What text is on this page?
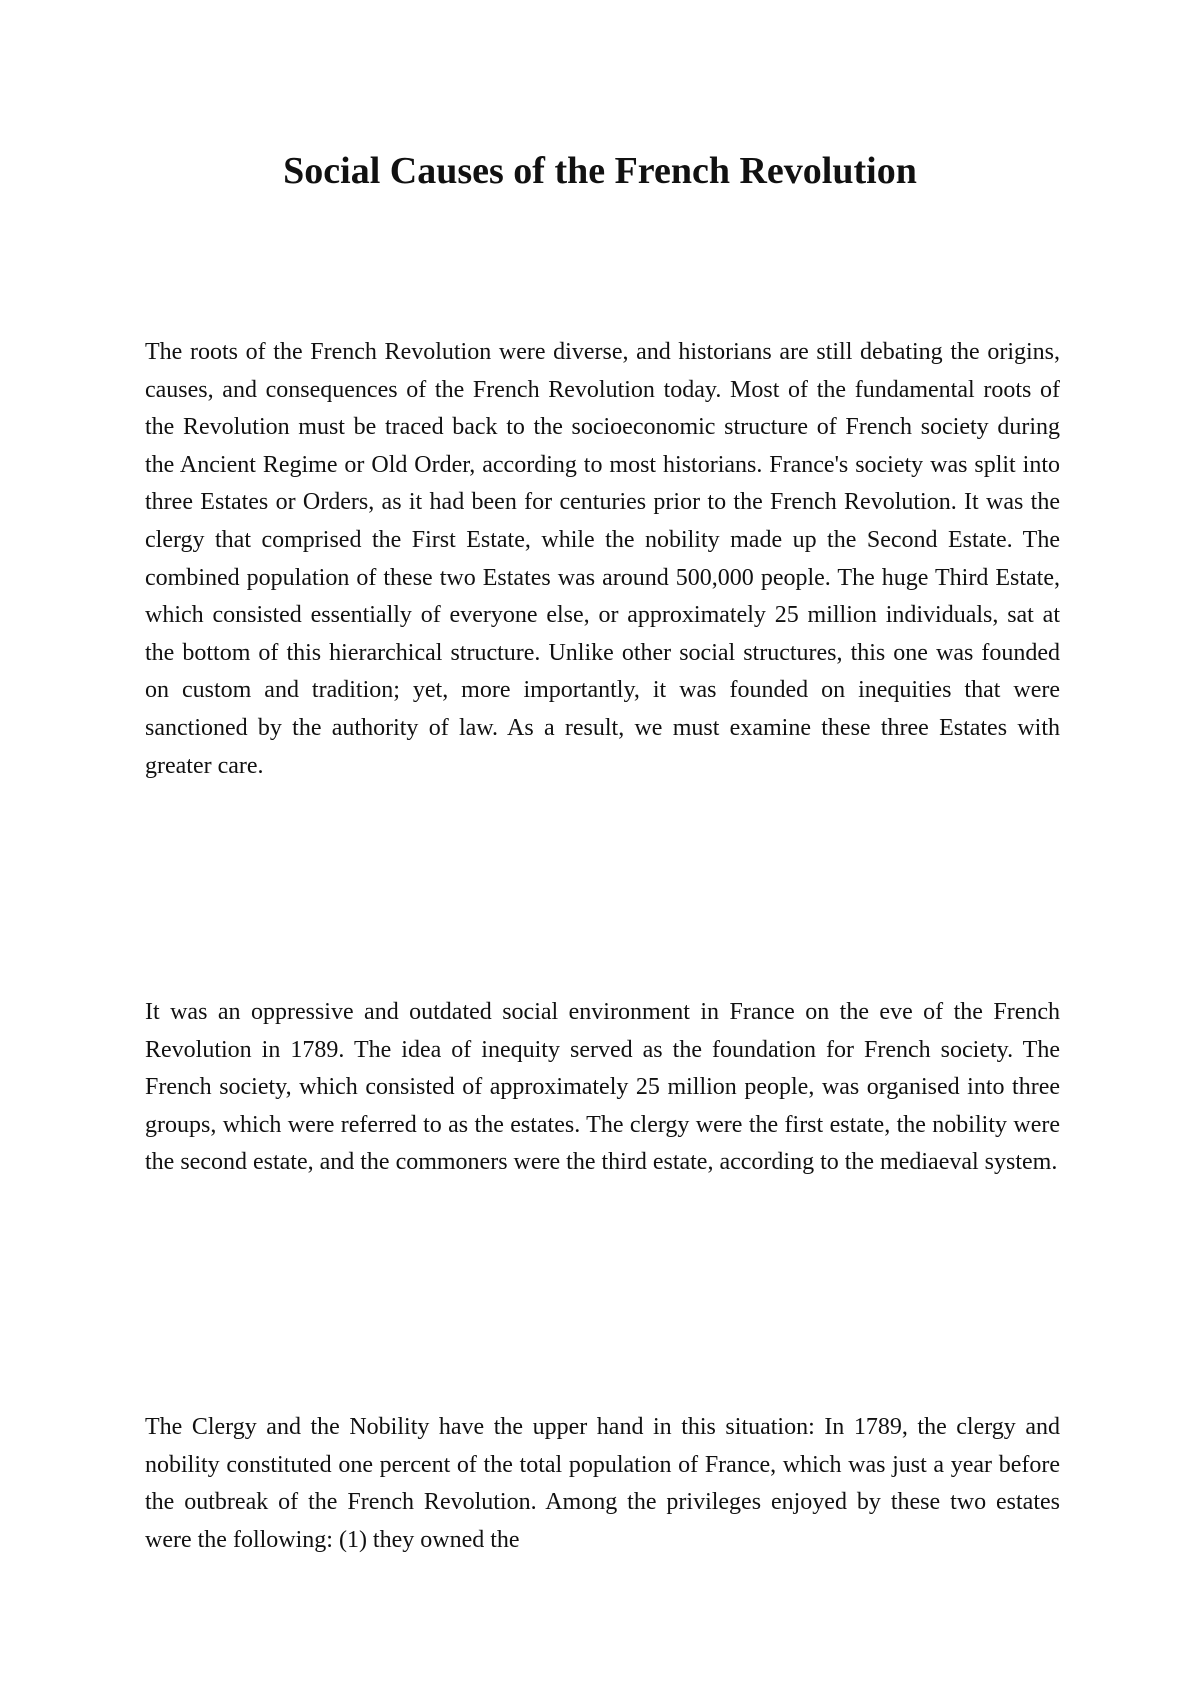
Social Causes of the French Revolution

The roots of the French Revolution were diverse, and historians are still debating the origins, causes, and consequences of the French Revolution today. Most of the fundamental roots of the Revolution must be traced back to the socioeconomic structure of French society during the Ancient Regime or Old Order, according to most historians. France's society was split into three Estates or Orders, as it had been for centuries prior to the French Revolution. It was the clergy that comprised the First Estate, while the nobility made up the Second Estate. The combined population of these two Estates was around 500,000 people. The huge Third Estate, which consisted essentially of everyone else, or approximately 25 million individuals, sat at the bottom of this hierarchical structure. Unlike other social structures, this one was founded on custom and tradition; yet, more importantly, it was founded on inequities that were sanctioned by the authority of law. As a result, we must examine these three Estates with greater care.

It was an oppressive and outdated social environment in France on the eve of the French Revolution in 1789. The idea of inequity served as the foundation for French society. The French society, which consisted of approximately 25 million people, was organised into three groups, which were referred to as the estates. The clergy were the first estate, the nobility were the second estate, and the commoners were the third estate, according to the mediaeval system.

The Clergy and the Nobility have the upper hand in this situation: In 1789, the clergy and nobility constituted one percent of the total population of France, which was just a year before the outbreak of the French Revolution. Among the privileges enjoyed by these two estates were the following: (1) they owned the
